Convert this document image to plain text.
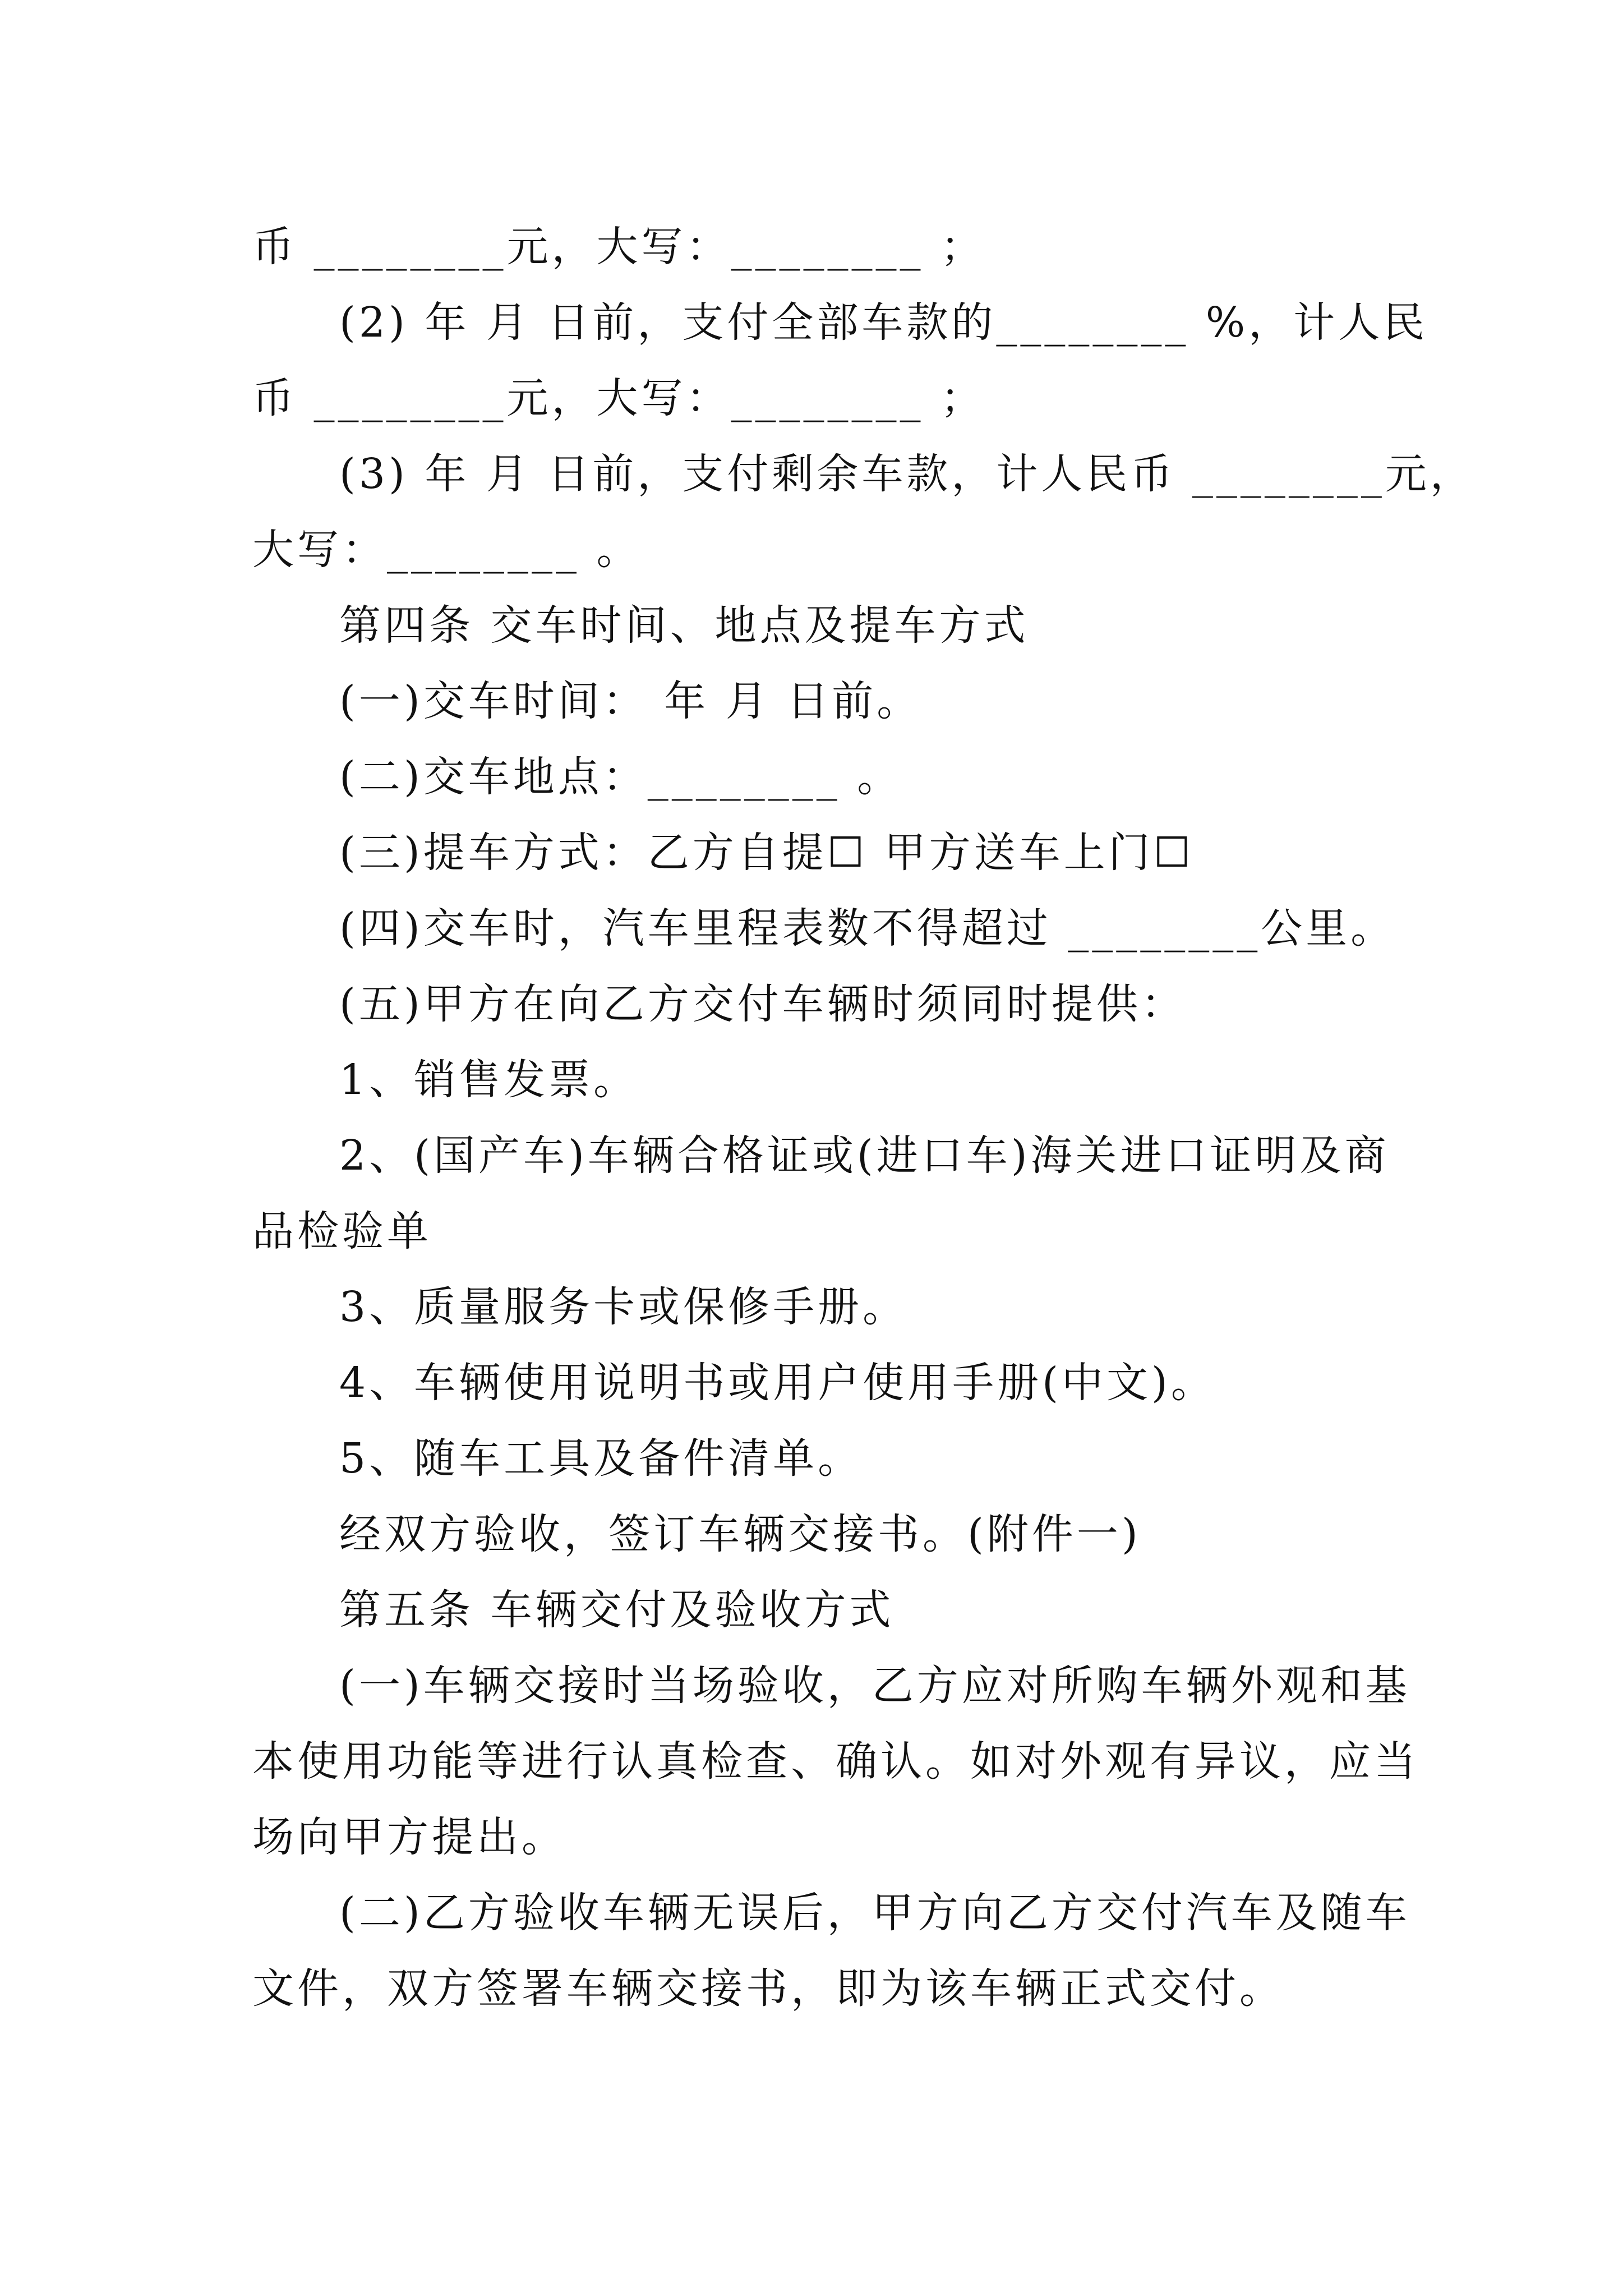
币 ________元，大写：________ ；
(2) 年 月 日前，支付全部车款的________ %，计人民
币 ________元，大写：________ ；
(3) 年 月 日前，支付剩余车款，计人民币 ________元，
大写：________ 。
第四条 交车时间、地点及提车方式
(一)交车时间： 年 月 日前。
(二)交车地点：________ 。
(三)提车方式：乙方自提☐ 甲方送车上门☐
(四)交车时，汽车里程表数不得超过 ________公里。
(五)甲方在向乙方交付车辆时须同时提供：
1、销售发票。
2、(国产车)车辆合格证或(进口车)海关进口证明及商
品检验单
3、质量服务卡或保修手册。
4、车辆使用说明书或用户使用手册(中文)。
5、随车工具及备件清单。
经双方验收，签订车辆交接书。(附件一)
第五条 车辆交付及验收方式
(一)车辆交接时当场验收，乙方应对所购车辆外观和基
本使用功能等进行认真检查、确认。如对外观有异议，应当
场向甲方提出。
(二)乙方验收车辆无误后，甲方向乙方交付汽车及随车
文件，双方签署车辆交接书，即为该车辆正式交付。
